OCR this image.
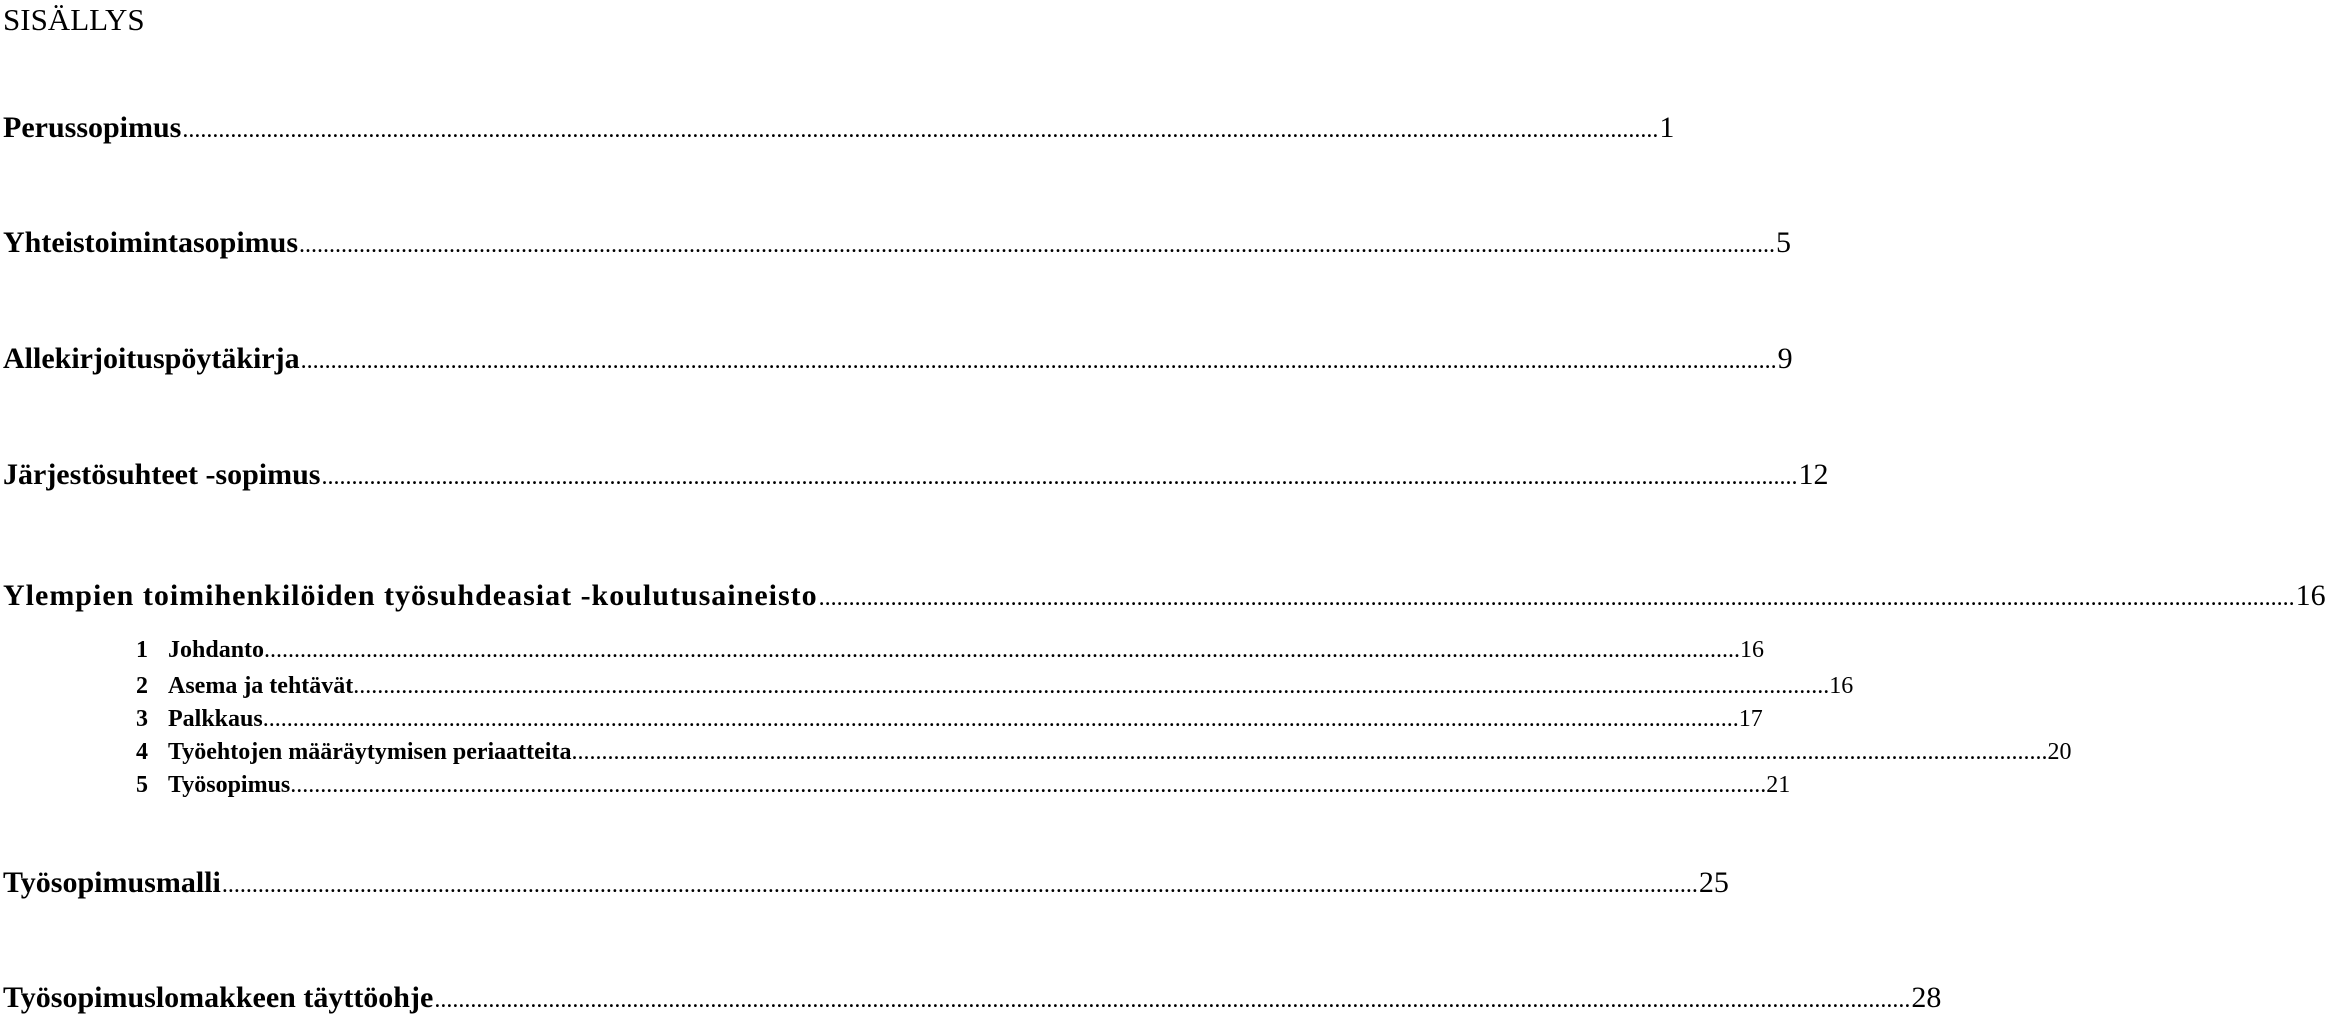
SISÄLLYS
Perussopimus ...................................................................................................................................................................................................................................................... 1
Yhteistoimintasopimus ...................................................................................................................................................................................................................................................... 5
Allekirjoituspöytäkirja ...................................................................................................................................................................................................................................................... 9
Järjestösuhteet -sopimus ...................................................................................................................................................................................................................................................... 12
Ylempien toimihenkilöiden työsuhdeasiat -koulutusaineisto ...................................................................................................................................................................................................................................................... 16
1 Johdanto ...................................................................................................................................................................................................................................................... 16
2 Asema ja tehtävät ...................................................................................................................................................................................................................................................... 16
3 Palkkaus ...................................................................................................................................................................................................................................................... 17
4 Työehtojen määräytymisen periaatteita ...................................................................................................................................................................................................................................................... 20
5 Työsopimus ...................................................................................................................................................................................................................................................... 21
Työsopimusmalli ...................................................................................................................................................................................................................................................... 25
Työsopimuslomakkeen täyttöohje ...................................................................................................................................................................................................................................................... 28
